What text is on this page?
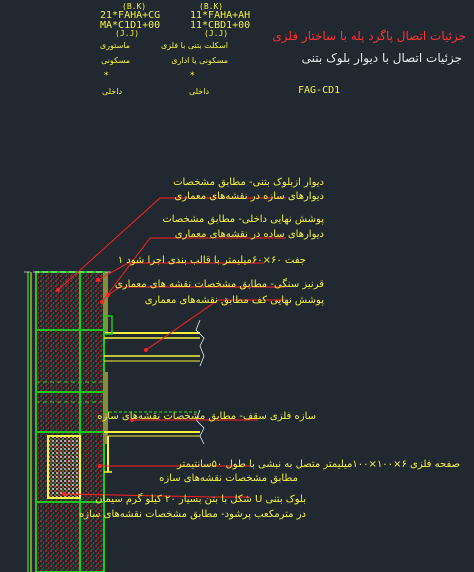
(B.K)
21*FAHA+CG
MA*C1D1+00
(J.J)
(B.K)
11*FAHA+AH
11*CBD1+00
(J.J)
ماستوری	اسکلت بتنی با فلزی
مسکونی	مسکونی یا اداری
*	*
داخلی	داخلی
جزئیات اتصال پاگرد پله با ساختار فلزی
جزئیات اتصال با دیوار بلوک بتنی
FAG-CD1
دیوار ازبلوک بتنی- مطابق مشخصات
دیوارهای سازه در نقشه‌های معماری
پوشش نهایی داخلی- مطابق مشخصات
دیوارهای ساده در نقشه‌های معماری
جفت ۶۰×۶۰میلیمتر با قالب بندی اجرا شود ۱
قرنیز سنگی- مطابق مشخصات نقشه های معماری
پوشش نهایی کف مطابق نقشه‌های معماری
سازه فلزی سقف- مطابق مشخصات نقشه‌های سازه
صفحه فلزی ۶×۱۰۰×۱۰۰میلیمتر متصل به نبشی با طول ۵۰سانتیمتر
مطابق مشخصات نقشه‌های سازه
بلوک بتنی U شکل با بتن بسیار ۲۰ کیلو گرم سیمان
در مترمکعب پرشود- مطابق مشخصات نقشه‌های سازه
